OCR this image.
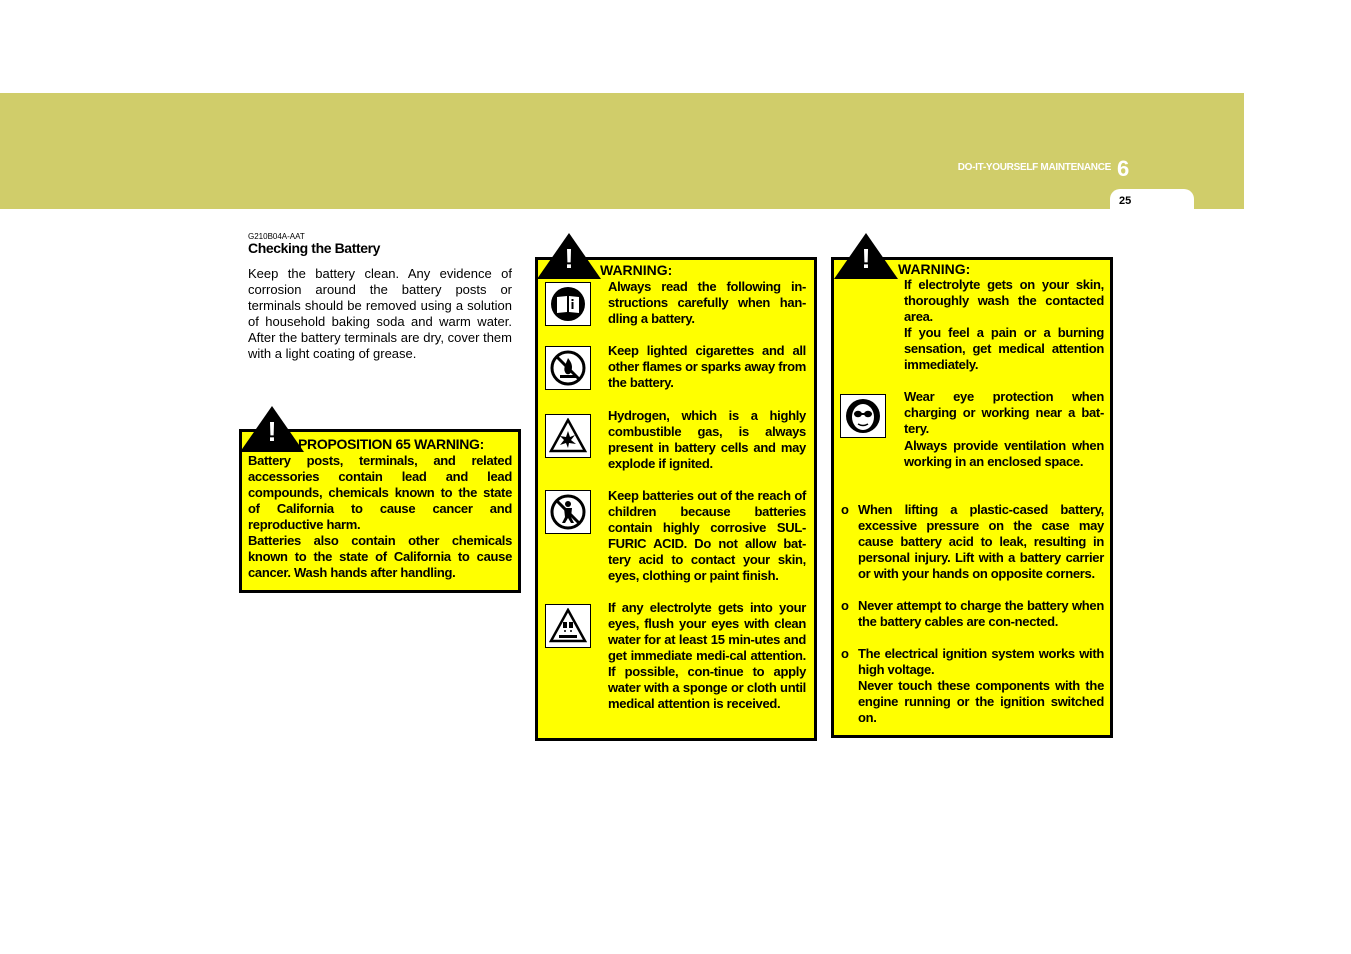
DO-IT-YOURSELF MAINTENANCE 6
25
G210B04A-AAT
Checking the Battery
Keep the battery clean. Any evidence of corrosion around the battery posts or terminals should be removed using a solution of household baking soda and warm water. After the battery terminals are dry, cover them with a light coating of grease.
!	PROPOSITION 65 WARNING:
Battery posts, terminals, and related accessories contain lead and lead compounds, chemicals known to the state of California to cause cancer and reproductive harm.
Batteries also contain other chemicals known to the state of California to cause cancer. Wash hands after handling.
!	WARNING:
Always read the following in-structions carefully when han-dling a battery.
Keep lighted cigarettes and all other flames or sparks away from the battery.
Hydrogen, which is a highly combustible gas, is always present in battery cells and may explode if ignited.
Keep batteries out of the reach of children because batteries contain highly corrosive SUL-FURIC ACID. Do not allow bat-tery acid to contact your skin, eyes, clothing or paint finish.
If any electrolyte gets into your eyes, flush your eyes with clean water for at least 15 min-utes and get immediate medi-cal attention. If possible, con-tinue to apply water with a sponge or cloth until medical attention is received.
!	WARNING:
If electrolyte gets on your skin, thoroughly wash the contacted area.
If you feel a pain or a burning sensation, get medical attention immediately.
Wear eye protection when charging or working near a bat-tery.
Always provide ventilation when working in an enclosed space.
o When lifting a plastic-cased battery, excessive pressure on the case may cause battery acid to leak, resulting in personal injury. Lift with a battery carrier or with your hands on opposite corners.
o Never attempt to charge the battery when the battery cables are con-nected.
o The electrical ignition system works with high voltage.
Never touch these components with the engine running or the ignition switched on.
